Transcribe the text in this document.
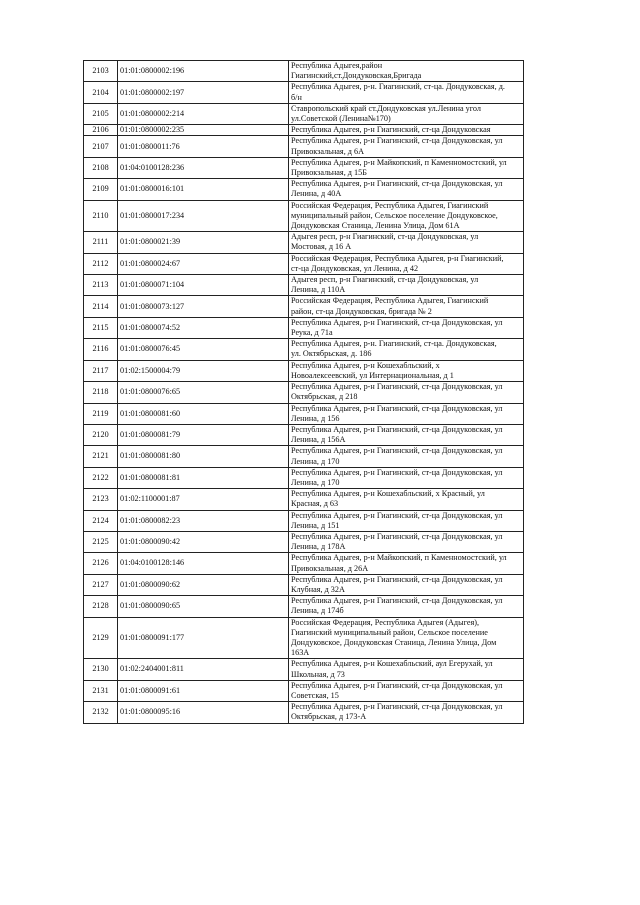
2103	01:01:0800002:196	Республика Адыгея,район
Гиагинский,ст.Дондуковская,Бригада

2104	01:01:0800002:197	Республика Адыгея, р-н. Гиагинский, ст-ца. Дондуковская, д.
б/н

2105	01:01:0800002:214	Ставропольский край ст.Дондуковская ул.Ленина угол
ул.Советской (Ленина№170)

2106	01:01:0800002:235	Республика Адыгея, р-н Гиагинский, ст-ца Дондуковская

2107	01:01:0800011:76	Республика Адыгея, р-н Гиагинский, ст-ца Дондуковская, ул
Привокзальная, д 6А

2108	01:04:0100128:236	Республика Адыгея, р-н Майкопский, п Каменномостский, ул
Привокзальная, д 15Б

2109	01:01:0800016:101	Республика Адыгея, р-н Гиагинский, ст-ца Дондуковская, ул
Ленина, д 40А

2110	01:01:0800017:234	Российская Федерация, Республика Адыгея, Гиагинский
муниципальный район, Сельское поселение Дондуковское,
Дондуковская Станица, Ленина Улица, Дом 61А

2111	01:01:0800021:39	Адыгея респ, р-н Гиагинский, ст-ца Дондуковская, ул
Мостовая, д 16 А

2112	01:01:0800024:67	Российская Федерация, Республика Адыгея, р-н Гиагинский,
ст-ца Дондуковская, ул Ленина, д 42

2113	01:01:0800071:104	Адыгея респ, р-н Гиагинский, ст-ца Дондуковская, ул
Ленина, д 110А

2114	01:01:0800073:127	Российская Федерация, Республика Адыгея, Гиагинский
район, ст-ца Дондуковская, бригада № 2

2115	01:01:0800074:52	Республика Адыгея, р-н Гиагинский, ст-ца Дондуковская, ул
Реука, д 71а

2116	01:01:0800076:45	Республика Адыгея, р-н. Гиагинский, ст-ца. Дондуковская,
ул. Октябрьская, д. 186

2117	01:02:1500004:79	Республика Адыгея, р-н Кошехабльский, х
Новоалексеевский, ул Интернациональная, д 1

2118	01:01:0800076:65	Республика Адыгея, р-н Гиагинский, ст-ца Дондуковская, ул
Октябрьская, д 218

2119	01:01:0800081:60	Республика Адыгея, р-н Гиагинский, ст-ца Дондуковская, ул
Ленина, д 156

2120	01:01:0800081:79	Республика Адыгея, р-н Гиагинский, ст-ца Дондуковская, ул
Ленина, д 156А

2121	01:01:0800081:80	Республика Адыгея, р-н Гиагинский, ст-ца Дондуковская, ул
Ленина, д 170

2122	01:01:0800081:81	Республика Адыгея, р-н Гиагинский, ст-ца Дондуковская, ул
Ленина, д 170

2123	01:02:1100001:87	Республика Адыгея, р-н Кошехабльский, х Красный, ул
Красная, д 63

2124	01:01:0800082:23	Республика Адыгея, р-н Гиагинский, ст-ца Дондуковская, ул
Ленина, д 151

2125	01:01:0800090:42	Республика Адыгея, р-н Гиагинский, ст-ца Дондуковская, ул
Ленина, д 178А

2126	01:04:0100128:146	Республика Адыгея, р-н Майкопский, п Каменномостский, ул
Привокзальная, д 26А

2127	01:01:0800090:62	Республика Адыгея, р-н Гиагинский, ст-ца Дондуковская, ул
Клубная, д 32А

2128	01:01:0800090:65	Республика Адыгея, р-н Гиагинский, ст-ца Дондуковская, ул
Ленина, д 174б

2129	01:01:0800091:177	Российская Федерация, Республика Адыгея (Адыгея),
Гиагинский муниципальный район, Сельское поселение
Дондуковское, Дондуковская Станица, Ленина Улица, Дом
163А

2130	01:02:2404001:811	Республика Адыгея, р-н Кошехабльский, аул Егерухай, ул
Школьная, д 73

2131	01:01:0800091:61	Республика Адыгея, р-н Гиагинский, ст-ца Дондуковская, ул
Советская, 15

2132	01:01:0800095:16	Республика Адыгея, р-н Гиагинский, ст-ца Дондуковская, ул
Октябрьская, д 173-А
